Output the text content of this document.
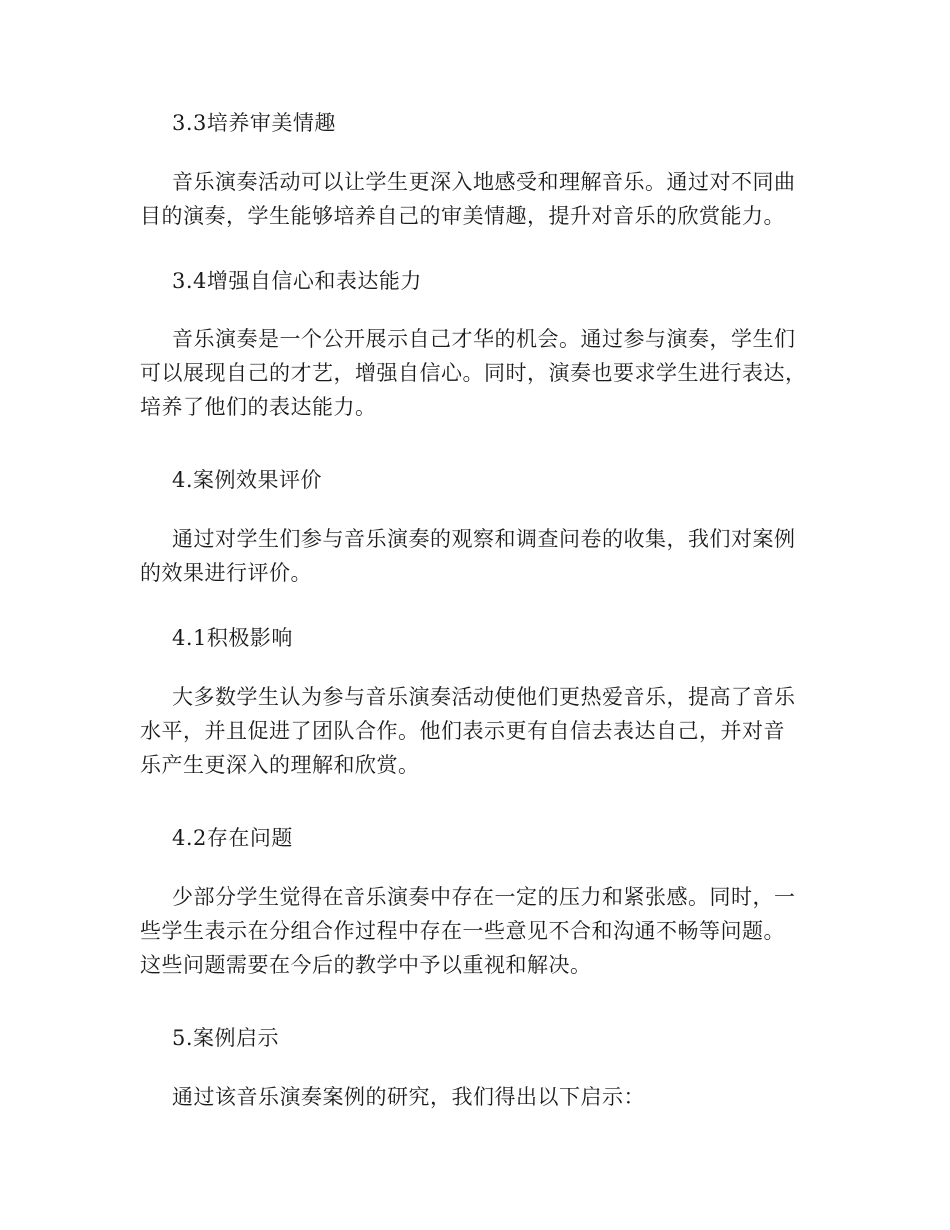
3.3培养审美情趣
音乐演奏活动可以让学生更深入地感受和理解音乐。通过对不同曲
目的演奏，学生能够培养自己的审美情趣，提升对音乐的欣赏能力。
3.4增强自信心和表达能力
音乐演奏是一个公开展示自己才华的机会。通过参与演奏，学生们
可以展现自己的才艺，增强自信心。同时，演奏也要求学生进行表达，
培养了他们的表达能力。
4.案例效果评价
通过对学生们参与音乐演奏的观察和调查问卷的收集，我们对案例
的效果进行评价。
4.1积极影响
大多数学生认为参与音乐演奏活动使他们更热爱音乐，提高了音乐
水平，并且促进了团队合作。他们表示更有自信去表达自己，并对音
乐产生更深入的理解和欣赏。
4.2存在问题
少部分学生觉得在音乐演奏中存在一定的压力和紧张感。同时，一
些学生表示在分组合作过程中存在一些意见不合和沟通不畅等问题。
这些问题需要在今后的教学中予以重视和解决。
5.案例启示
通过该音乐演奏案例的研究，我们得出以下启示：
